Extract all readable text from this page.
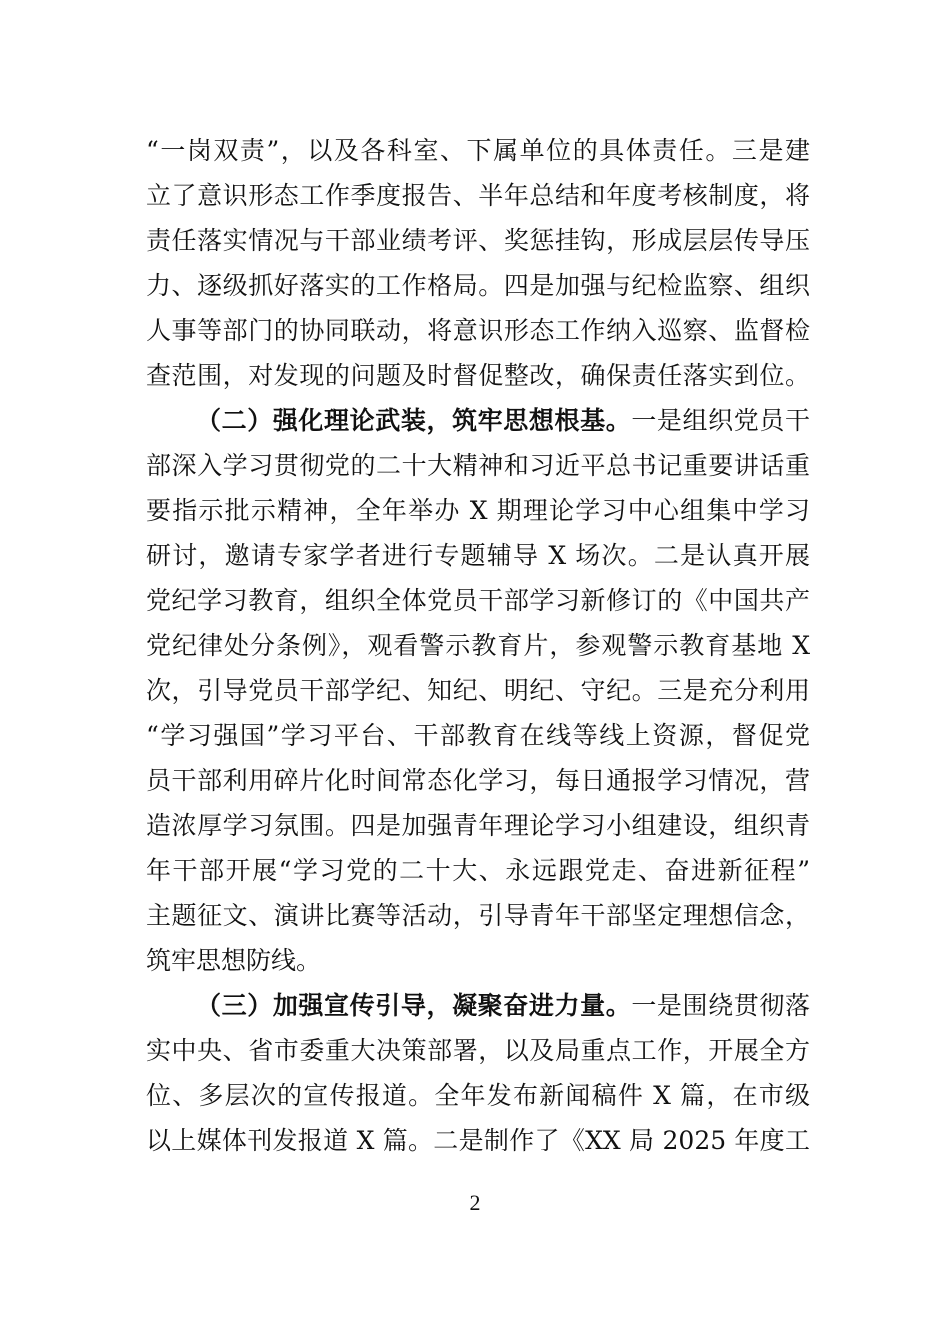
“一岗双责”，以及各科室、下属单位的具体责任。三是建
立了意识形态工作季度报告、半年总结和年度考核制度，将
责任落实情况与干部业绩考评、奖惩挂钩，形成层层传导压
力、逐级抓好落实的工作格局。四是加强与纪检监察、组织
人事等部门的协同联动，将意识形态工作纳入巡察、监督检
查范围，对发现的问题及时督促整改，确保责任落实到位。
（二）强化理论武装，筑牢思想根基。一是组织党员干
部深入学习贯彻党的二十大精神和习近平总书记重要讲话重
要指示批示精神，全年举办 X 期理论学习中心组集中学习
研讨，邀请专家学者进行专题辅导 X 场次。二是认真开展
党纪学习教育，组织全体党员干部学习新修订的《中国共产
党纪律处分条例》，观看警示教育片，参观警示教育基地 X
次，引导党员干部学纪、知纪、明纪、守纪。三是充分利用
“学习强国”学习平台、干部教育在线等线上资源，督促党
员干部利用碎片化时间常态化学习，每日通报学习情况，营
造浓厚学习氛围。四是加强青年理论学习小组建设，组织青
年干部开展“学习党的二十大、永远跟党走、奋进新征程”
主题征文、演讲比赛等活动，引导青年干部坚定理想信念，
筑牢思想防线。
（三）加强宣传引导，凝聚奋进力量。一是围绕贯彻落
实中央、省市委重大决策部署，以及局重点工作，开展全方
位、多层次的宣传报道。全年发布新闻稿件 X 篇，在市级
以上媒体刊发报道 X 篇。二是制作了《XX 局 2025 年度工
2
